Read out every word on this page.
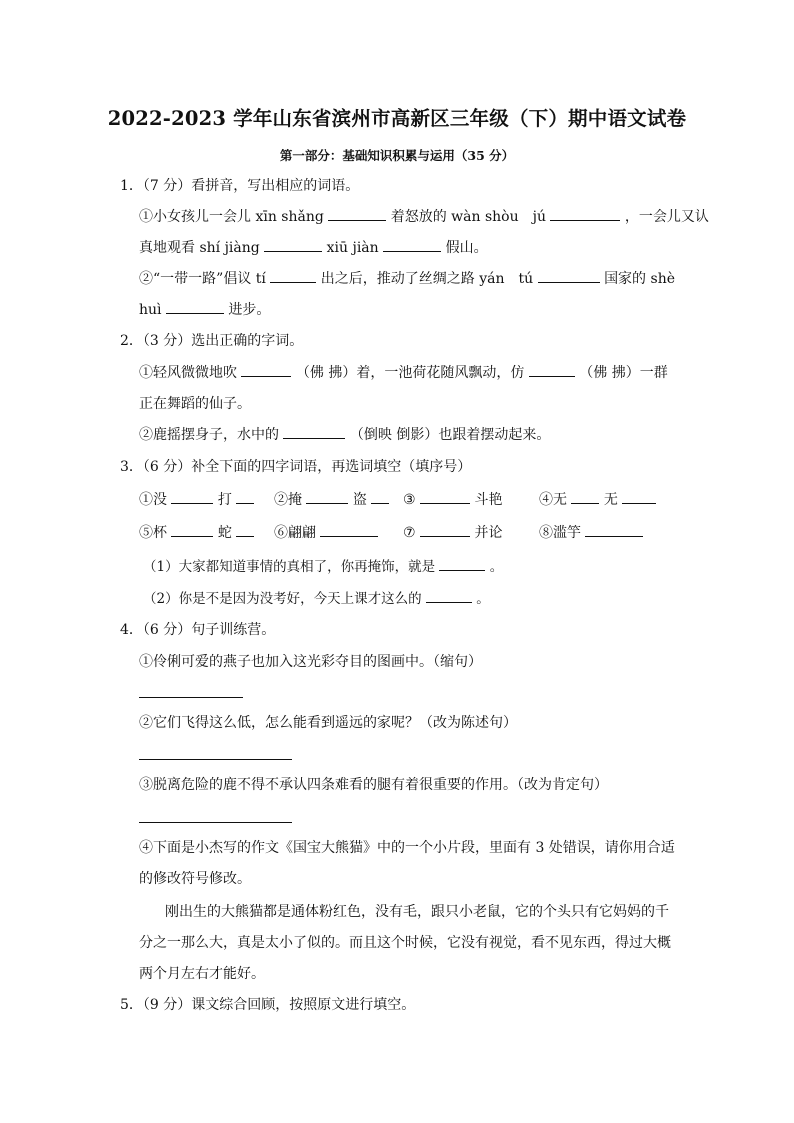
2022-2023 学年山东省滨州市高新区三年级（下）期中语文试卷
第一部分：基础知识积累与运用（35 分）
1．（7 分）看拼音，写出相应的词语。
①小女孩儿一会儿 xīn shǎng	着怒放的 wàn shòu　jú	，一会儿又认
真地观看 shí jiàng	xiū jiàn	假山。
②“一带一路”倡议 tí	出之后，推动了丝绸之路 yán　tú	国家的 shè
huì	进步。
2．（3 分）选出正确的字词。
①轻风微微地吹	（佛 拂）着，一池荷花随风飘动，仿	（佛 拂）一群
正在舞蹈的仙子。
②鹿摇摆身子，水中的	（倒映 倒影）也跟着摆动起来。
3．（6 分）补全下面的四字词语，再选词填空（填序号）
①没	打	②掩	盗	③	斗艳	④无	无
⑤杯	蛇	⑥翩翩	⑦	并论	⑧滥竽
（1）大家都知道事情的真相了，你再掩饰，就是	。
（2）你是不是因为没考好，今天上课才这么的	。
4．（6 分）句子训练营。
①伶俐可爱的燕子也加入这光彩夺目的图画中。（缩句）
②它们飞得这么低，怎么能看到遥远的家呢？（改为陈述句）
③脱离危险的鹿不得不承认四条难看的腿有着很重要的作用。（改为肯定句）
④下面是小杰写的作文《国宝大熊猫》中的一个小片段，里面有 3 处错误，请你用合适
的修改符号修改。
刚出生的大熊猫都是通体粉红色，没有毛，跟只小老鼠，它的个头只有它妈妈的千
分之一那么大，真是太小了似的。而且这个时候，它没有视觉，看不见东西，得过大概
两个月左右才能好。
5．（9 分）课文综合回顾，按照原文进行填空。
